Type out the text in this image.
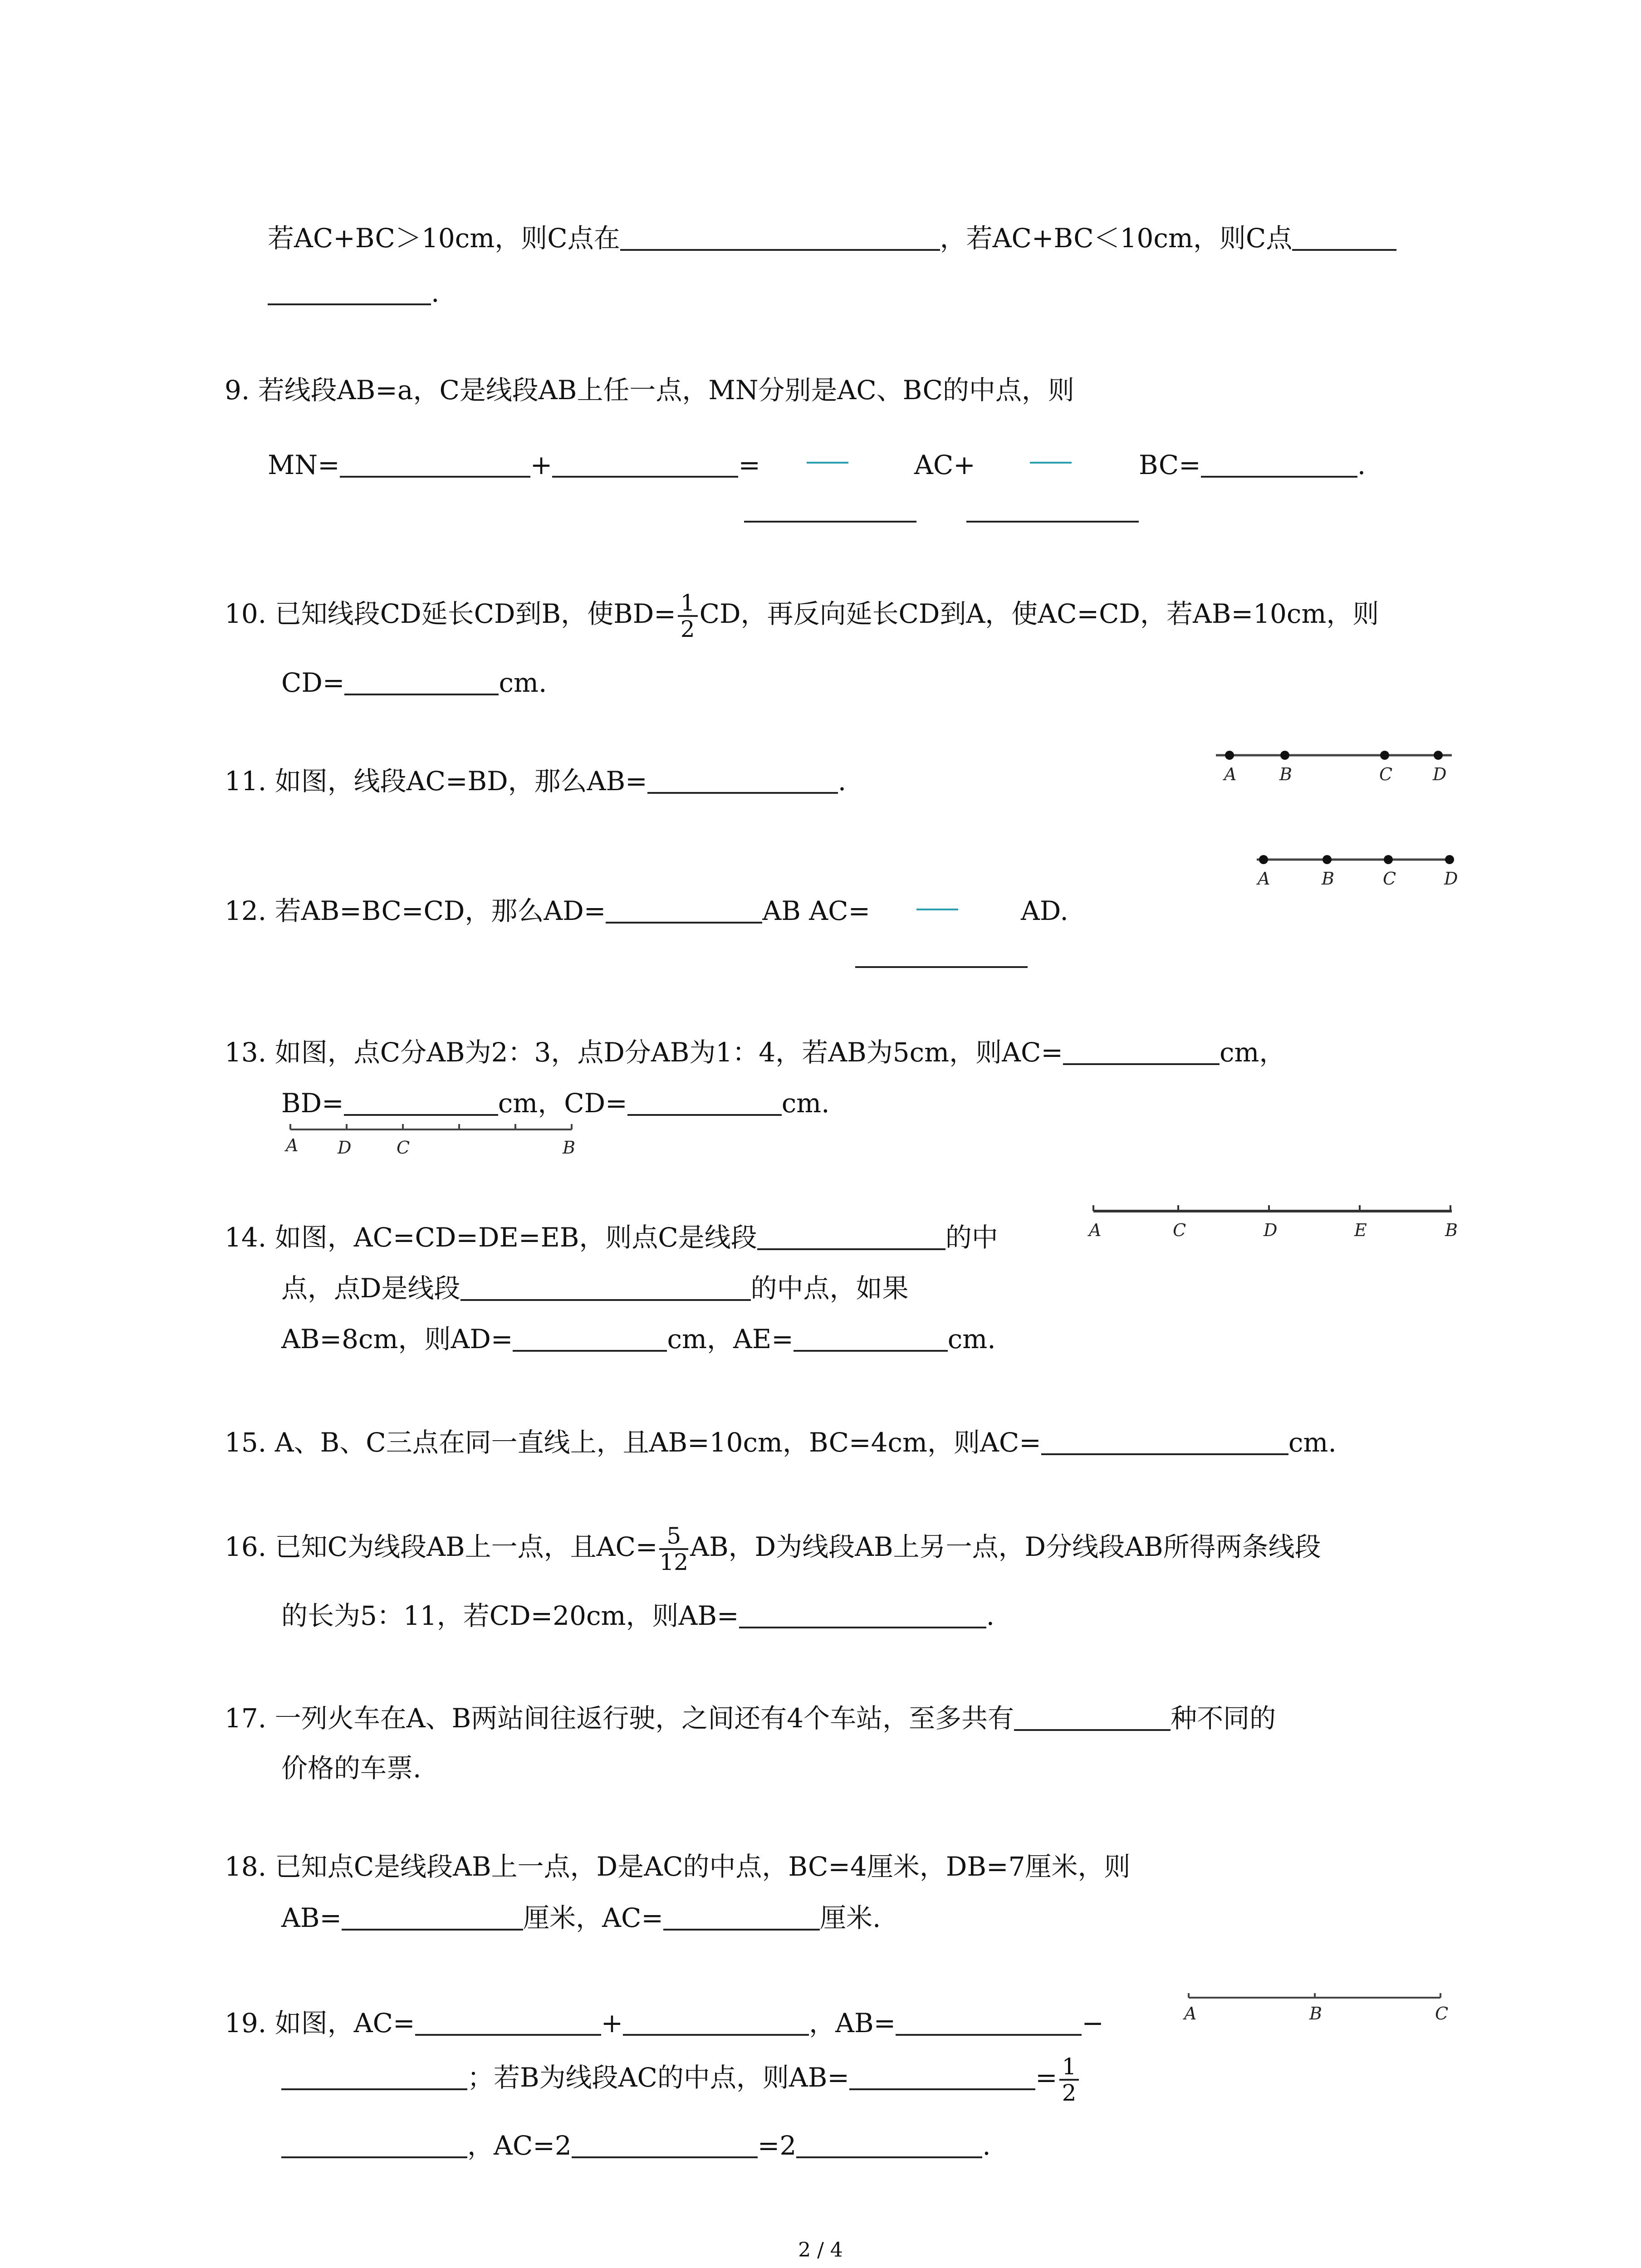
若AC+BC＞10cm，则C点在	，若AC+BC＜10cm，则C点
.
9. 若线段AB=a，C是线段AB上任一点，MN分别是AC、BC的中点，则
MN=	+	=	AC+	BC=	.
10. 已知线段CD延长CD到B，使$BD= \frac{1}{2}$ CD，再反向延长CD到A，使AC=CD，若AB=10cm，则
CD=	cm.
11. 如图，线段AC=BD，那么AB=	.	A B	C D
A	B	C	D
12. 若AB=BC=CD，那么AD=	AB AC=	AD.
13. 如图，点C分AB为2：3，点D分AB为1：4，若AB为5cm，则AC=	cm，
BD=	cm，CD=	cm.
A D	C	B
A	C	D	E	B
14. 如图，AC=CD=DE=EB，则点C是线段	的中
点，点D是线段	的中点，如果
AB=8cm，则AD=	cm，AE=	cm.
15. A、B、C三点在同一直线上，且AB=10cm，BC=4cm，则AC=	cm.
16. 已知C为线段AB上一点，且$AC= \frac{5}{12}$ AB，D为线段AB上另一点，D分线段AB所得两条线段
的长为5：11，若CD=20cm，则AB=	.
17. 一列火车在A、B两站间往返行驶，之间还有4个车站，至多共有	种不同的
价格的车票.
18. 已知点C是线段AB上一点，D是AC的中点，BC=4厘米，DB=7厘米，则
AB=	厘米，AC=	厘米.
A	B	C
19. 如图，AC=	+	，AB=	−
；若B为线段AC的中点，则AB=	= $\frac{1}{2}$
，AC=2	=2	.
2 / 4
